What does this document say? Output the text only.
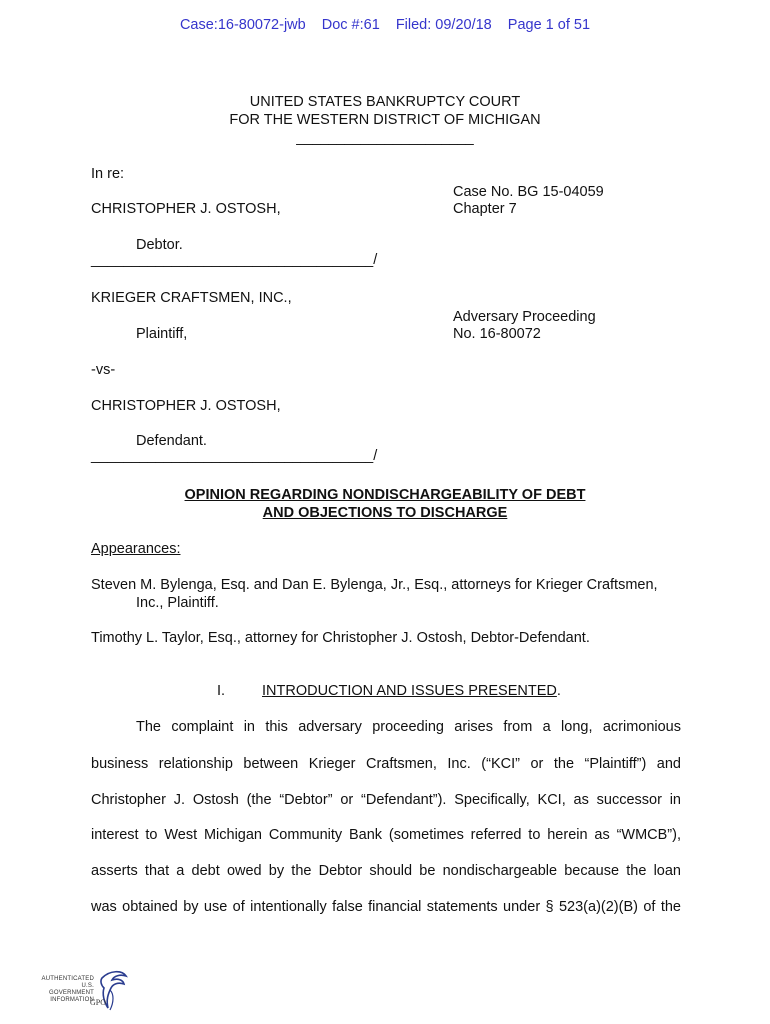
Case:16-80072-jwb Doc #:61 Filed: 09/20/18 Page 1 of 51
UNITED STATES BANKRUPTCY COURT
FOR THE WESTERN DISTRICT OF MICHIGAN
______________________
In re:
CHRISTOPHER J. OSTOSH,
Case No. BG 15-04059
Chapter 7
Debtor.
___________________________________/
KRIEGER CRAFTSMEN, INC.,
Adversary Proceeding
No. 16-80072
Plaintiff,
-vs-
CHRISTOPHER J. OSTOSH,
Defendant.
___________________________________/
OPINION REGARDING NONDISCHARGEABILITY OF DEBT
AND OBJECTIONS TO DISCHARGE
Appearances:
Steven M. Bylenga, Esq. and Dan E. Bylenga, Jr., Esq., attorneys for Krieger Craftsmen,
Inc., Plaintiff.
Timothy L. Taylor, Esq., attorney for Christopher J. Ostosh, Debtor-Defendant.
I.	INTRODUCTION AND ISSUES PRESENTED.
The complaint in this adversary proceeding arises from a long, acrimonious
business relationship between Krieger Craftsmen, Inc. (“KCI” or the “Plaintiff”) and
Christopher J. Ostosh (the “Debtor” or “Defendant”). Specifically, KCI, as successor in
interest to West Michigan Community Bank (sometimes referred to herein as “WMCB”),
asserts that a debt owed by the Debtor should be nondischargeable because the loan
was obtained by use of intentionally false financial statements under § 523(a)(2)(B) of the
AUTHENTICATED
U.S. GOVERNMENT
INFORMATION
GPO
